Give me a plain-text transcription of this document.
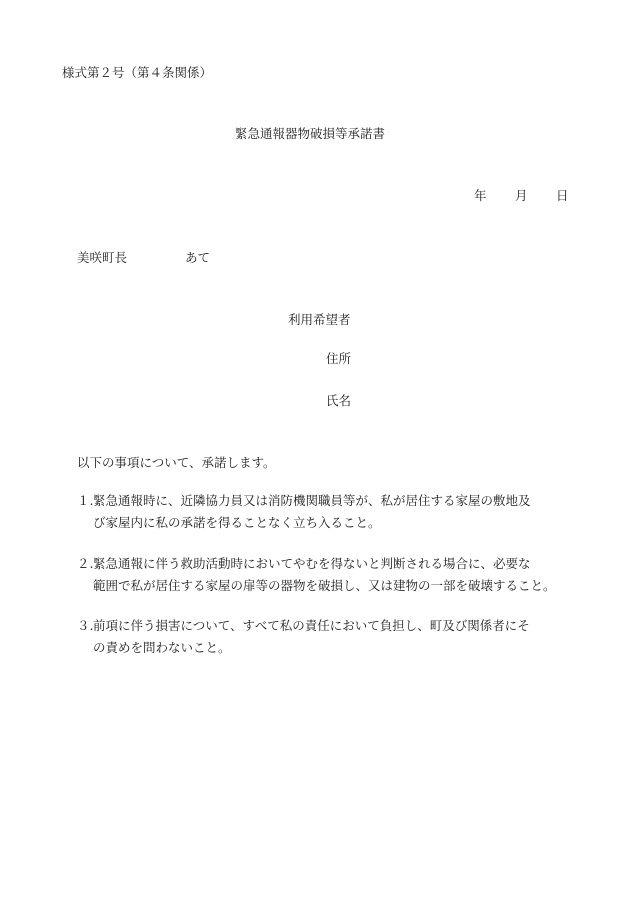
様式第２号（第４条関係）
緊急通報器物破損等承諾書
年 月 日
美咲町長	あて
利用希望者
住所
氏名
以下の事項について、承諾します。
１. 緊急通報時に、近隣協力員又は消防機関職員等が、私が居住する家屋の敷地及
び家屋内に私の承諾を得ることなく立ち入ること。
２. 緊急通報に伴う救助活動時においてやむを得ないと判断される場合に、必要な
範囲で私が居住する家屋の扉等の器物を破損し、又は建物の一部を破壊すること。
３. 前項に伴う損害について、すべて私の責任において負担し、町及び関係者にそ
の責めを問わないこと。
